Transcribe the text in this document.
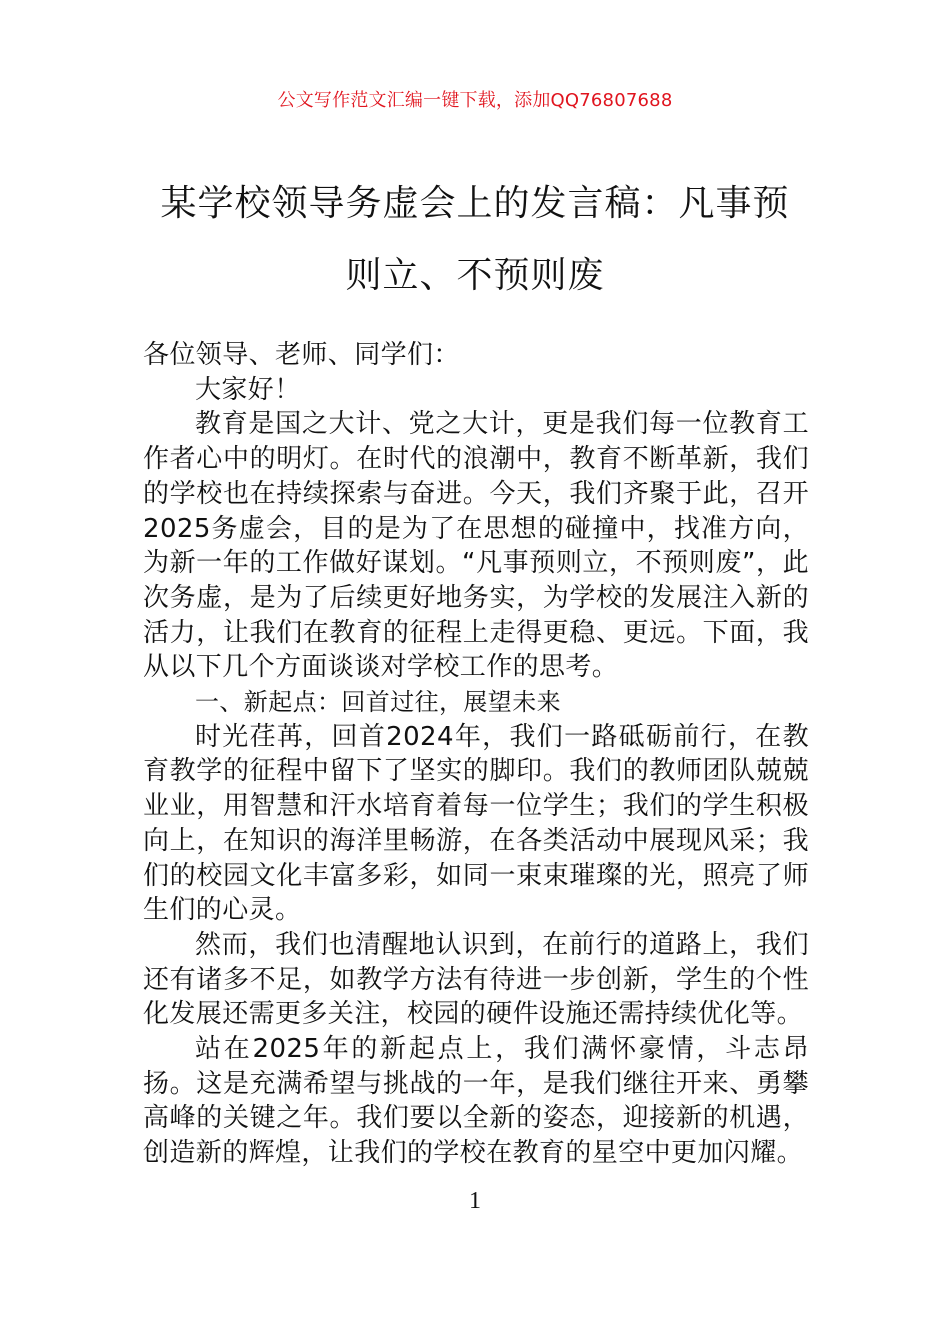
公文写作范文汇编一键下载，添加QQ76807688
某学校领导务虚会上的发言稿：凡事预则立、不预则废

各位领导、老师、同学们：

大家好！

教育是国之大计、党之大计，更是我们每一位教育工作者心中的明灯。在时代的浪潮中，教育不断革新，我们的学校也在持续探索与奋进。今天，我们齐聚于此，召开2025务虚会，目的是为了在思想的碰撞中，找准方向，为新一年的工作做好谋划。“凡事预则立，不预则废”，此次务虚，是为了后续更好地务实，为学校的发展注入新的活力，让我们在教育的征程上走得更稳、更远。下面，我从以下几个方面谈谈对学校工作的思考。

一、新起点：回首过往，展望未来

时光荏苒，回首2024年，我们一路砥砺前行，在教育教学的征程中留下了坚实的脚印。我们的教师团队兢兢业业，用智慧和汗水培育着每一位学生；我们的学生积极向上，在知识的海洋里畅游，在各类活动中展现风采；我们的校园文化丰富多彩，如同一束束璀璨的光，照亮了师生们的心灵。

然而，我们也清醒地认识到，在前行的道路上，我们还有诸多不足，如教学方法有待进一步创新，学生的个性化发展还需更多关注，校园的硬件设施还需持续优化等。

站在2025年的新起点上，我们满怀豪情，斗志昂扬。这是充满希望与挑战的一年，是我们继往开来、勇攀高峰的关键之年。我们要以全新的姿态，迎接新的机遇，创造新的辉煌，让我们的学校在教育的星空中更加闪耀。

1
